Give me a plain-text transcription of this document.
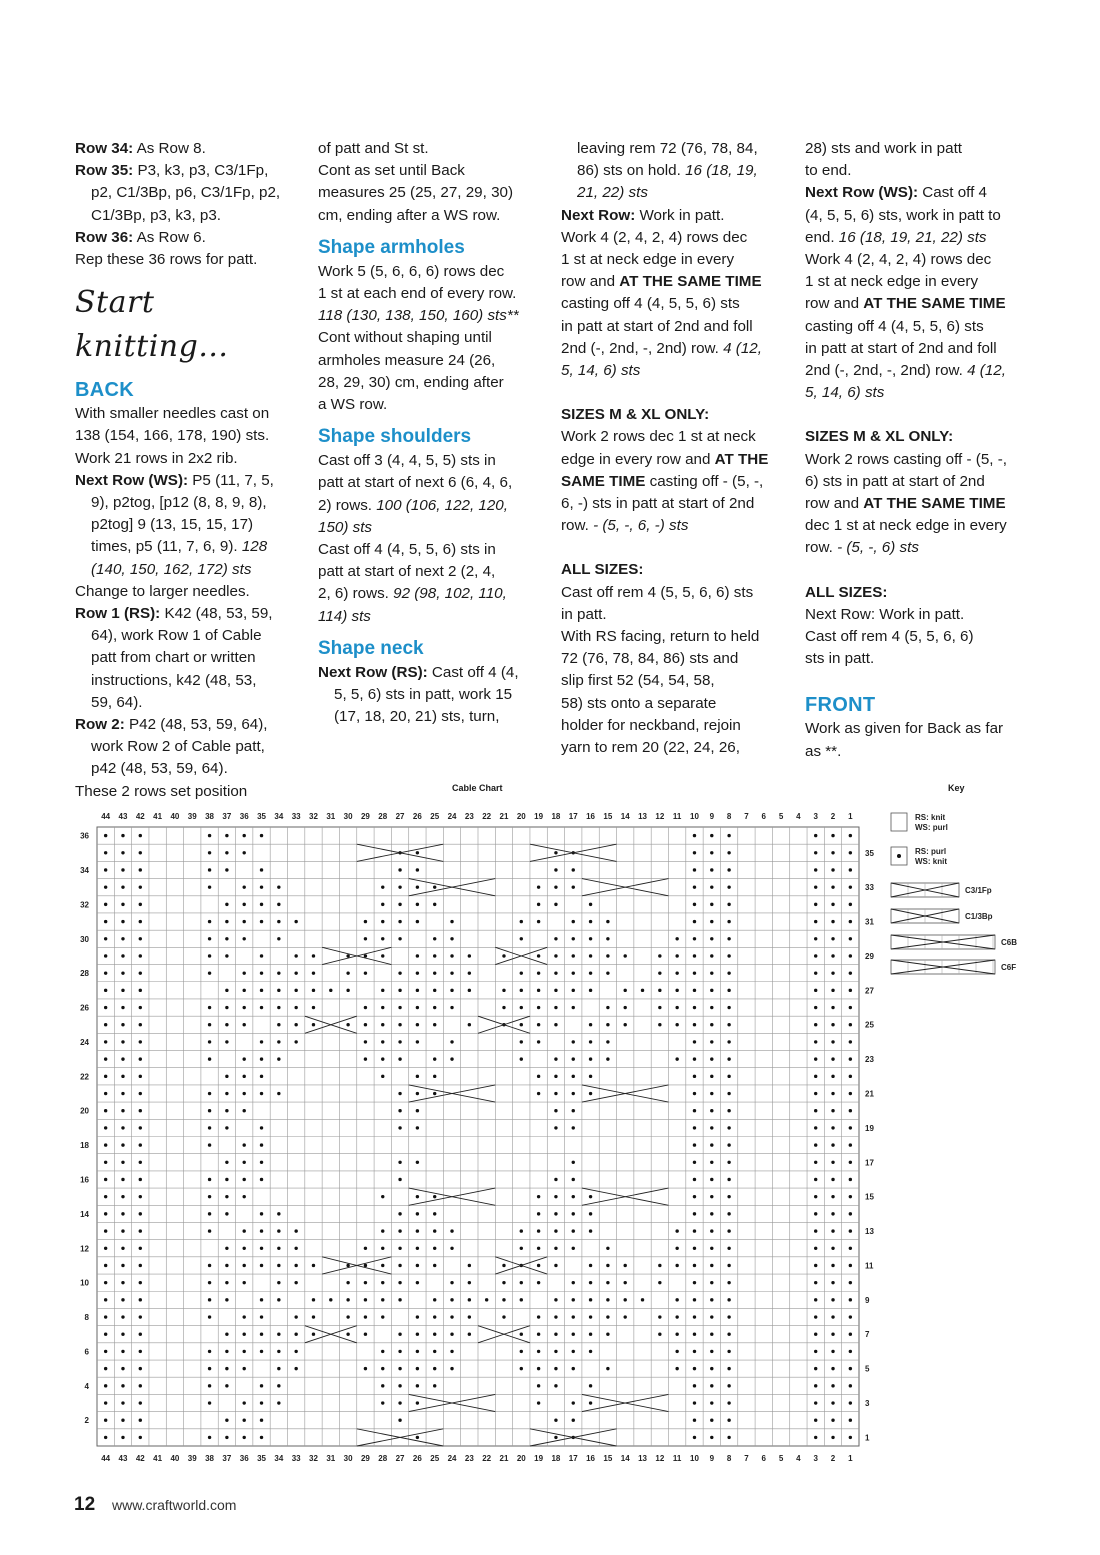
Row 34: As Row 8.

Row 35: P3, k3, p3, C3/1Fp,

p2, C1/3Bp, p6, C3/1Fp, p2,

C1/3Bp, p3, k3, p3.

Row 36: As Row 6.

Rep these 36 rows for patt.

Start knitting...

BACK

With smaller needles cast on

138 (154, 166, 178, 190) sts.

Work 21 rows in 2x2 rib.

Next Row (WS): P5 (11, 7, 5,

9), p2tog, [p12 (8, 8, 9, 8),

p2tog] 9 (13, 15, 15, 17)

times, p5 (11, 7, 6, 9). 128

(140, 150, 162, 172) sts

Change to larger needles.

Row 1 (RS): K42 (48, 53, 59,

64), work Row 1 of Cable

patt from chart or written

instructions, k42 (48, 53,

59, 64).

Row 2: P42 (48, 53, 59, 64),

work Row 2 of Cable patt,

p42 (48, 53, 59, 64).

These 2 rows set position

of patt and St st.

Cont as set until Back

measures 25 (25, 27, 29, 30)

cm, ending after a WS row.

Shape armholes

Work 5 (5, 6, 6, 6) rows dec

1 st at each end of every row.

118 (130, 138, 150, 160) sts**

Cont without shaping until

armholes measure 24 (26,

28, 29, 30) cm, ending after

a WS row.

Shape shoulders

Cast off 3 (4, 4, 5, 5) sts in

patt at start of next 6 (6, 4, 6,

2) rows. 100 (106, 122, 120,

150) sts

Cast off 4 (4, 5, 5, 6) sts in

patt at start of next 2 (2, 4,

2, 6) rows. 92 (98, 102, 110,

114) sts

Shape neck

Next Row (RS): Cast off 4 (4,

5, 5, 6) sts in patt, work 15

(17, 18, 20, 21) sts, turn,

leaving rem 72 (76, 78, 84,

86) sts on hold. 16 (18, 19,

21, 22) sts

Next Row: Work in patt.

Work 4 (2, 4, 2, 4) rows dec

1 st at neck edge in every

row and AT THE SAME TIME

casting off 4 (4, 5, 5, 6) sts

in patt at start of 2nd and foll

2nd (-, 2nd, -, 2nd) row. 4 (12,

5, 14, 6) sts

SIZES M & XL ONLY:

Work 2 rows dec 1 st at neck

edge in every row and AT THE

SAME TIME casting off - (5, -,

6, -) sts in patt at start of 2nd

row. - (5, -, 6, -) sts

ALL SIZES:

Cast off rem 4 (5, 5, 6, 6) sts

in patt.

With RS facing, return to held

72 (76, 78, 84, 86) sts and

slip first 52 (54, 54, 58,

58) sts onto a separate

holder for neckband, rejoin

yarn to rem 20 (22, 24, 26,

28) sts and work in patt

to end.

Next Row (WS): Cast off 4

(4, 5, 5, 6) sts, work in patt to

end. 16 (18, 19, 21, 22) sts

Work 4 (2, 4, 2, 4) rows dec

1 st at neck edge in every

row and AT THE SAME TIME

casting off 4 (4, 5, 5, 6) sts

in patt at start of 2nd and foll

2nd (-, 2nd, -, 2nd) row. 4 (12,

5, 14, 6) sts

SIZES M & XL ONLY:

Work 2 rows casting off - (5, -,

6) sts in patt at start of 2nd

row and AT THE SAME TIME

dec 1 st at neck edge in every

row. - (5, -, 6) sts

ALL SIZES:

Next Row: Work in patt.

Cast off rem 4 (5, 5, 6, 6)

sts in patt.

FRONT

Work as given for Back as far

as **.

Cable Chart	Key
1
1
2
2
3
3
4
4
5
5
6
6
7
7
8
8
9
9
10
10
11
11
12
12
13
13
14
14
15
15
16
16
17
17
18
18
19
19
20
20
21
21
22
22
23
23
24
24
25
25
26
26
27
27
28
28
29
29
30
30
31
31
32
32
33
33
34
34
35
35
36
36
37
37
38
38
39
39
40
40
41
41
42
42
43
43
44
44
1
2
3
4
5
6
7
8
9
10
11
12
13
14
15
16
17
18
19
20
21
22
23
24
25
26
27
28
29
30
31
32
33
34
35
36
RS: knit
WS: purl
RS: purl
WS: knit
C3/1Fp
C1/3Bp
C6B
C6F
12 www.craftworld.com
